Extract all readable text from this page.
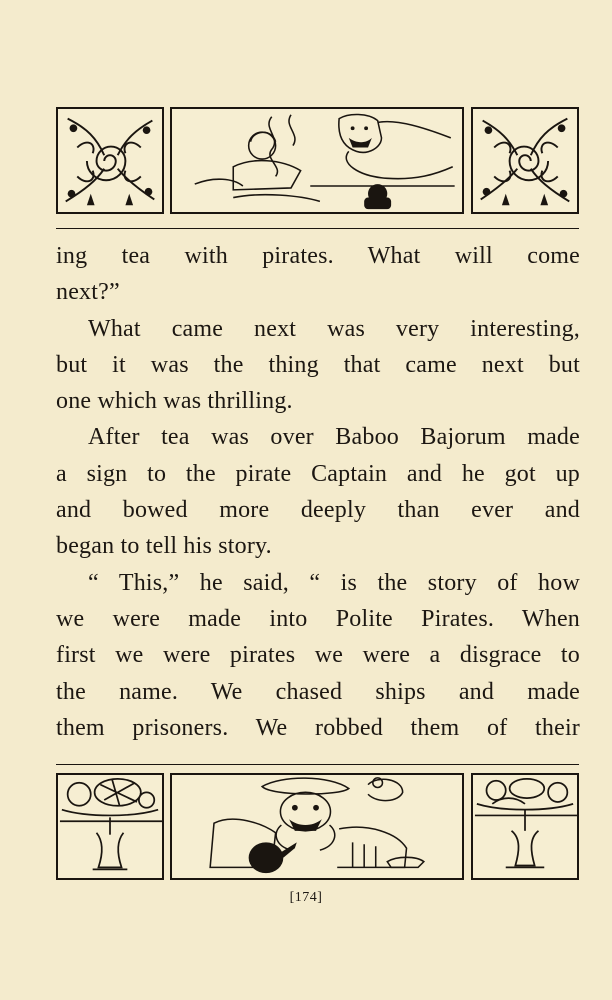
ing tea with pirates. What will come
next?”
What came next was very interesting,
but it was the thing that came next but
one which was thrilling.
After tea was over Baboo Bajorum made
a sign to the pirate Captain and he got up
and bowed more deeply than ever and
began to tell his story.
“ This,” he said, “ is the story of how
we were made into Polite Pirates. When
first we were pirates we were a disgrace to
the name. We chased ships and made
them prisoners. We robbed them of their
[174]
